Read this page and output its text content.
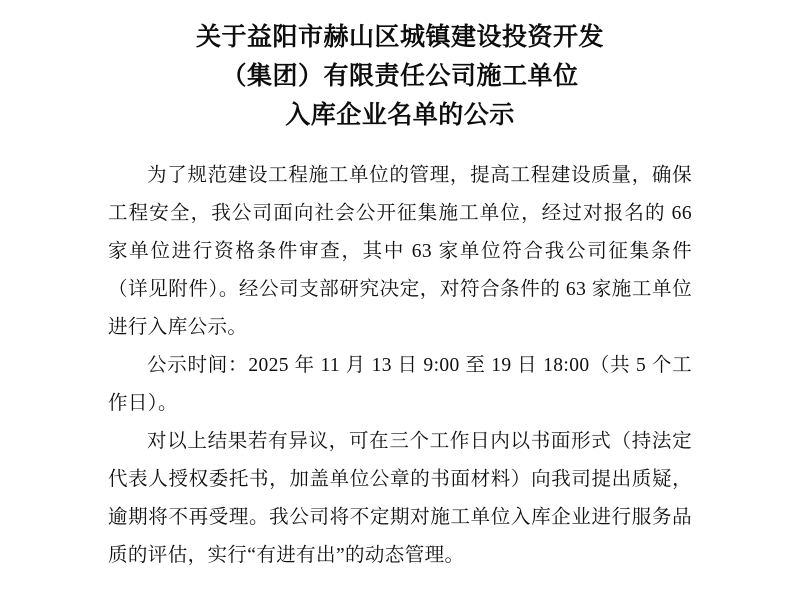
关于益阳市赫山区城镇建设投资开发
（集团）有限责任公司施工单位
入库企业名单的公示

为了规范建设工程施工单位的管理，提高工程建设质量，确保工程安全，我公司面向社会公开征集施工单位，经过对报名的 66 家单位进行资格条件审查，其中 63 家单位符合我公司征集条件（详见附件）。经公司支部研究决定，对符合条件的 63 家施工单位进行入库公示。

公示时间：2025 年 11 月 13 日 9:00 至 19 日 18:00（共 5 个工作日）。

对以上结果若有异议，可在三个工作日内以书面形式（持法定代表人授权委托书，加盖单位公章的书面材料）向我司提出质疑，逾期将不再受理。我公司将不定期对施工单位入库企业进行服务品质的评估，实行“有进有出”的动态管理。
